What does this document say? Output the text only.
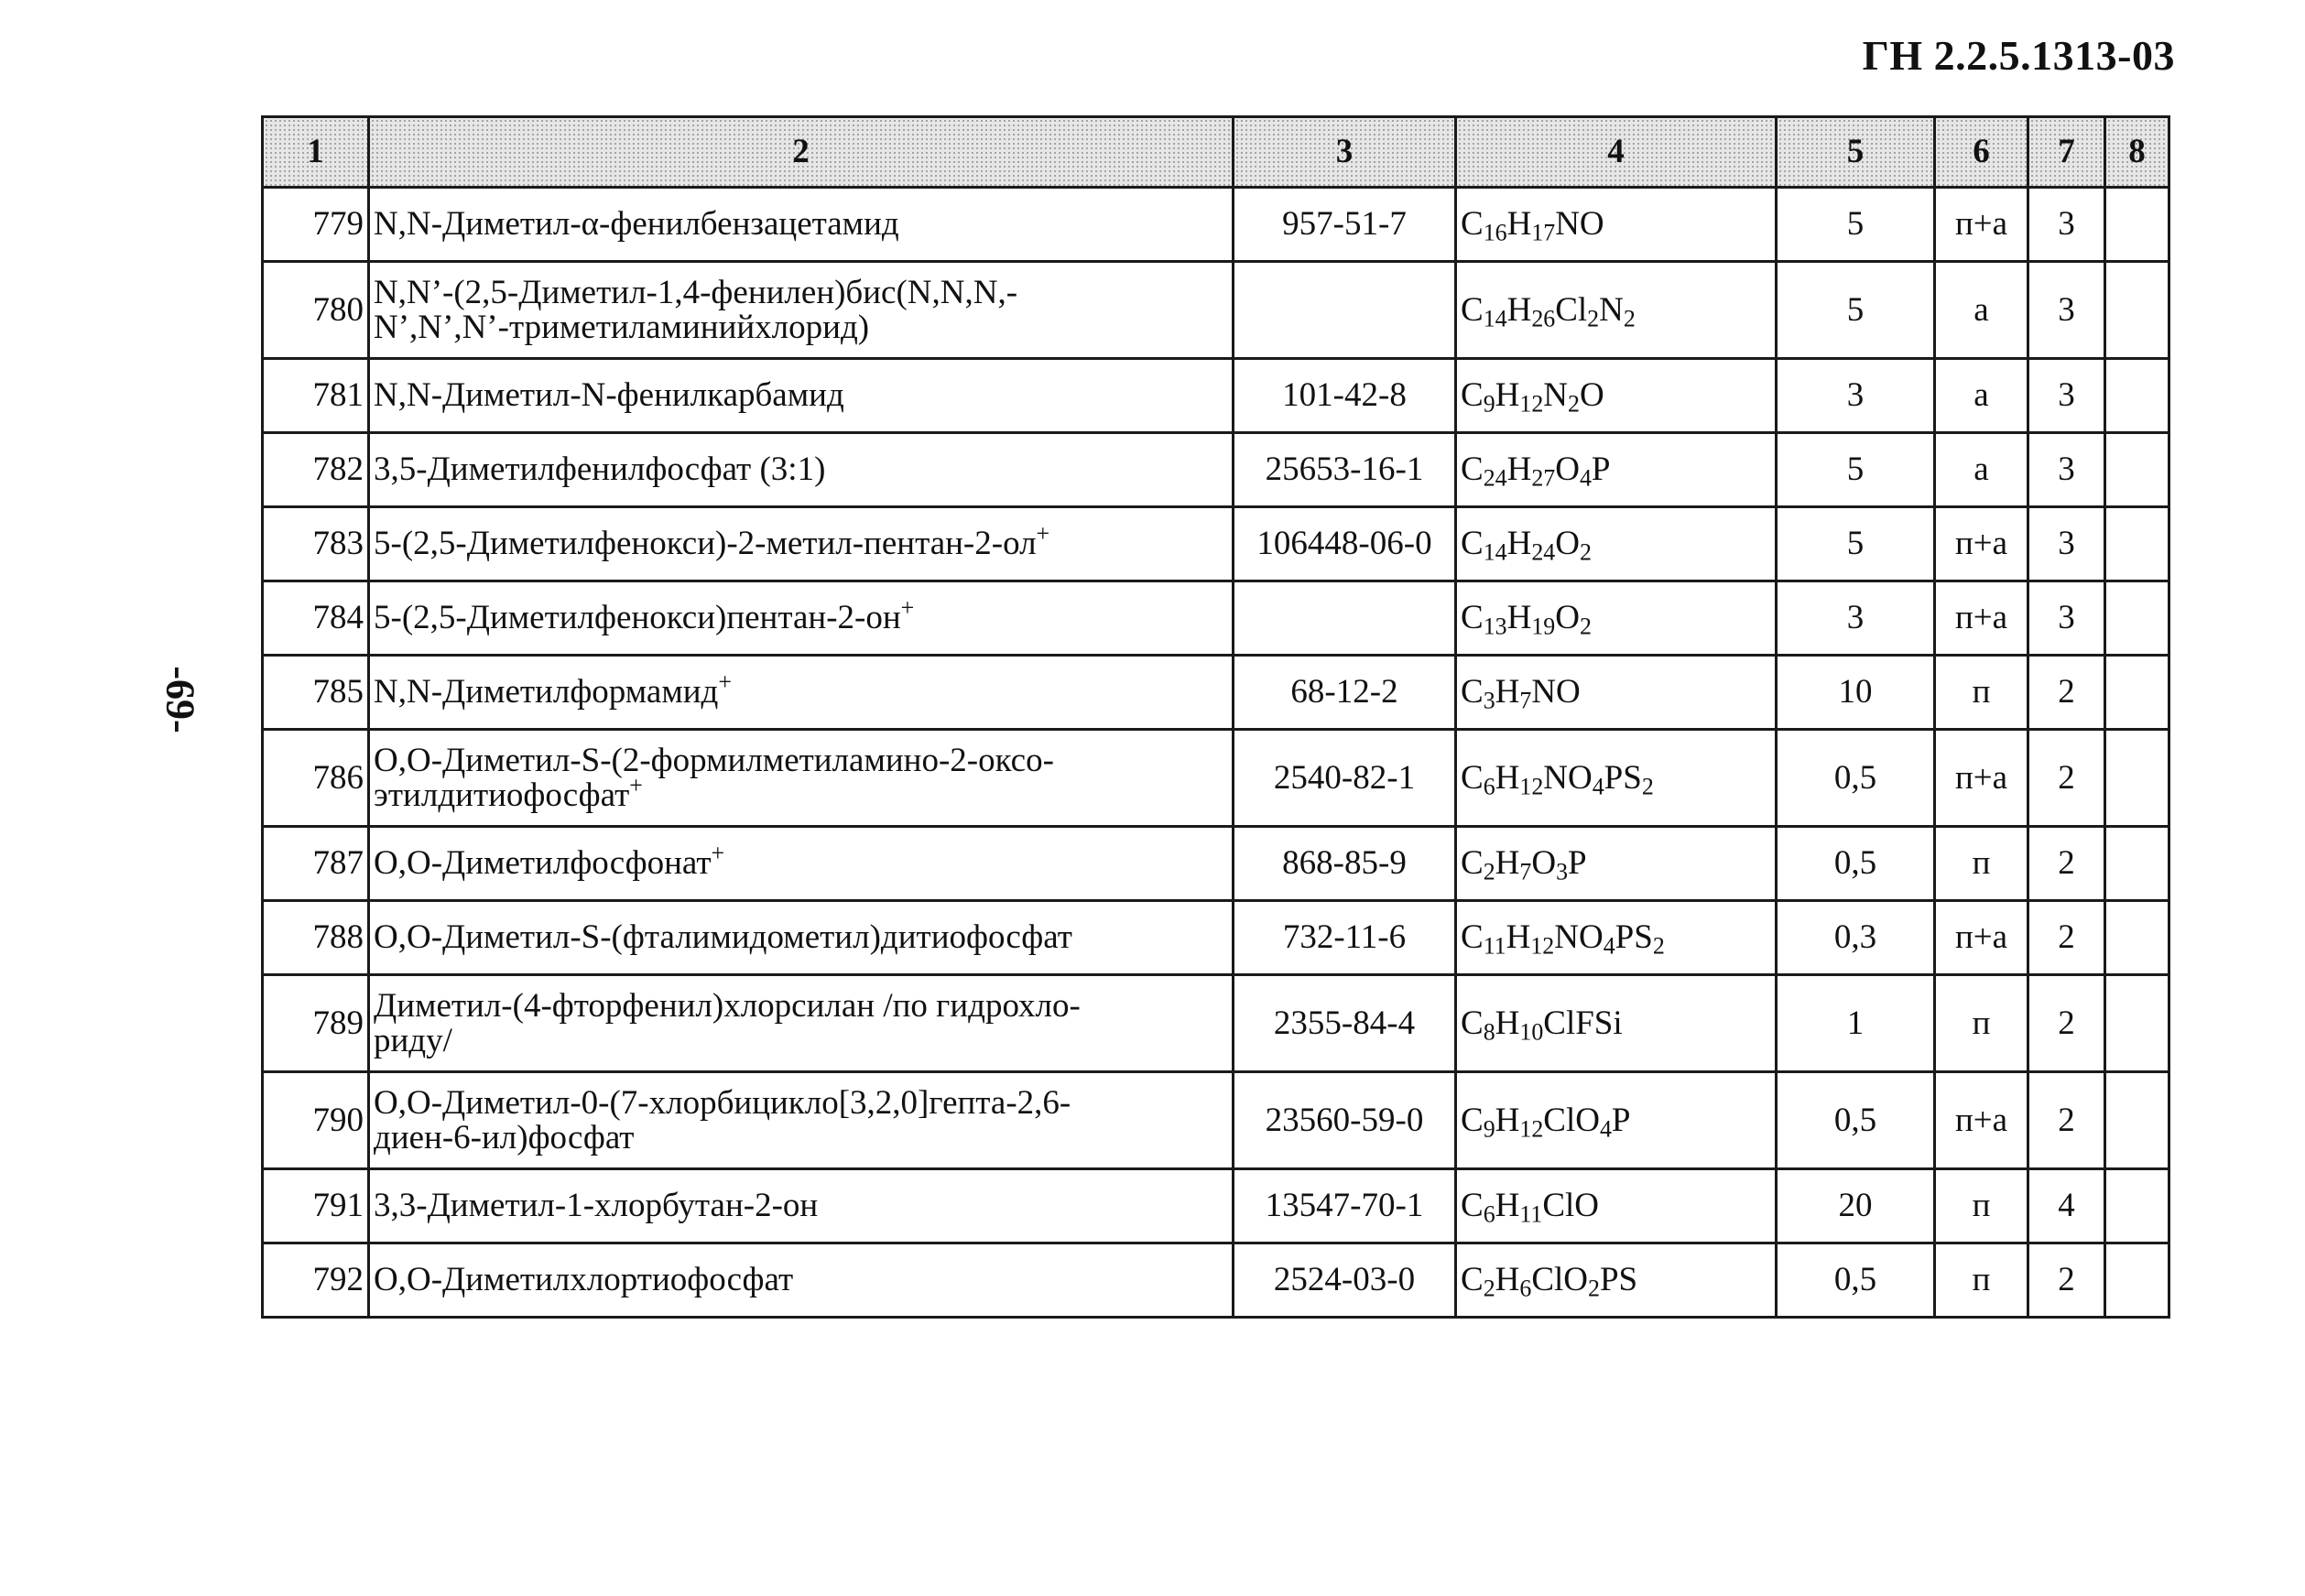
ГН 2.2.5.1313-03
-69-
1	2	3	4	5	6	7	8
779	N,N-Диметил-α-фенилбензацетамид	957-51-7	$C_{16}H_{17}NO$	5	п+а	3	
780	N,N’-(2,5-Диметил-1,4-фенилен)бис(N,N,N,-
N’,N’,N’-триметиламинийхлорид)		$C_{14}H_{26}Cl_2N_2$	5	а	3	
781	N,N-Диметил-N-фенилкарбамид	101-42-8	$C_9H_{12}N_2O$	3	а	3	
782	3,5-Диметилфенилфосфат (3:1)	25653-16-1	$C_{24}H_{27}O_4P$	5	а	3	
783	5-(2,5-Диметилфенокси)-2-метил-пентан-2-ол+	106448-06-0	$C_{14}H_{24}O_2$	5	п+а	3	
784	5-(2,5-Диметилфенокси)пентан-2-он+		$C_{13}H_{19}O_2$	3	п+а	3	
785	N,N-Диметилформамид+	68-12-2	$C_3H_7NO$	10	п	2	
786	O,O-Диметил-S-(2-формилметиламино-2-оксо-
этилдитиофосфат+	2540-82-1	$C_6H_{12}NO_4PS_2$	0,5	п+а	2	
787	O,O-Диметилфосфонат+	868-85-9	$C_2H_7O_3P$	0,5	п	2	
788	O,O-Диметил-S-(фталимидометил)дитиофосфат	732-11-6	$C_{11}H_{12}NO_4PS_2$	0,3	п+а	2	
789	Диметил-(4-фторфенил)хлорсилан /по гидрохло-
риду/	2355-84-4	$C_8H_{10}ClFSi$	1	п	2	
790	O,O-Диметил-0-(7-хлорбицикло[3,2,0]гепта-2,6-
диен-6-ил)фосфат	23560-59-0	$C_9H_{12}ClO_4P$	0,5	п+а	2	
791	3,3-Диметил-1-хлорбутан-2-он	13547-70-1	$C_6H_{11}ClO$	20	п	4	
792	O,O-Диметилхлортиофосфат	2524-03-0	$C_2H_6ClO_2PS$	0,5	п	2	
